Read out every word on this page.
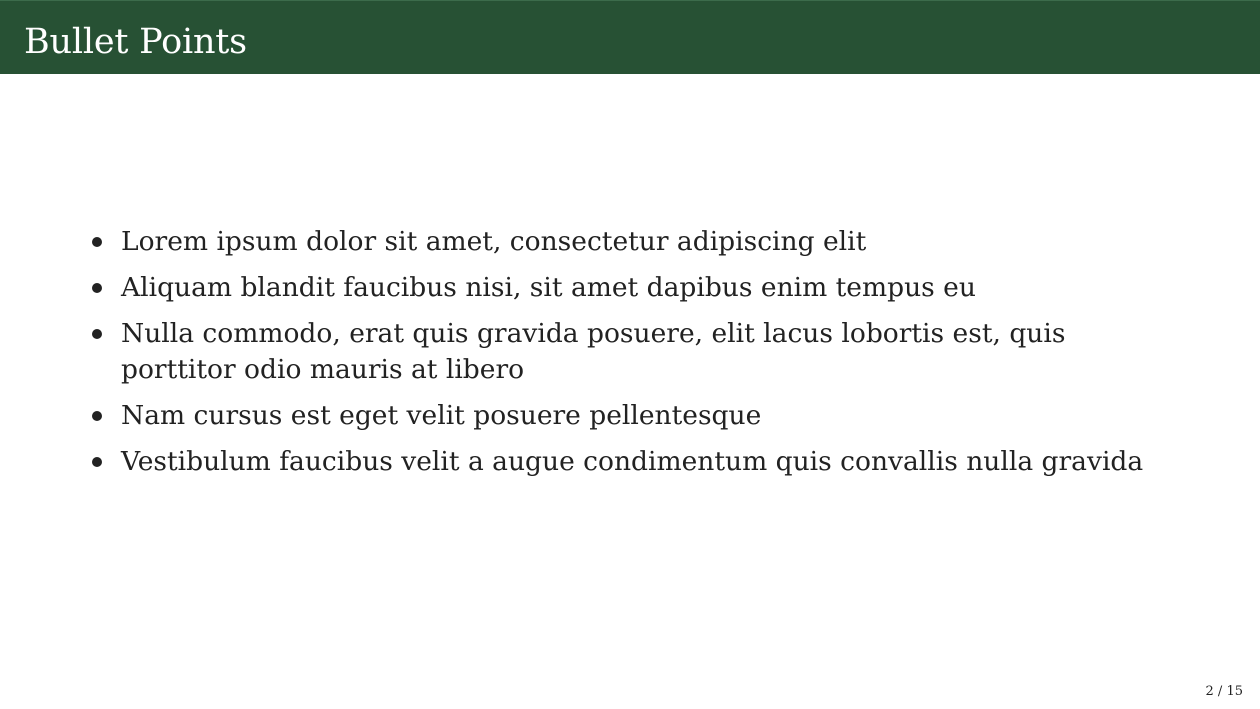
Bullet Points
Lorem ipsum dolor sit amet, consectetur adipiscing elit
Aliquam blandit faucibus nisi, sit amet dapibus enim tempus eu
Nulla commodo, erat quis gravida posuere, elit lacus lobortis est, quis porttitor odio mauris at libero
Nam cursus est eget velit posuere pellentesque
Vestibulum faucibus velit a augue condimentum quis convallis nulla gravida
2 / 15
